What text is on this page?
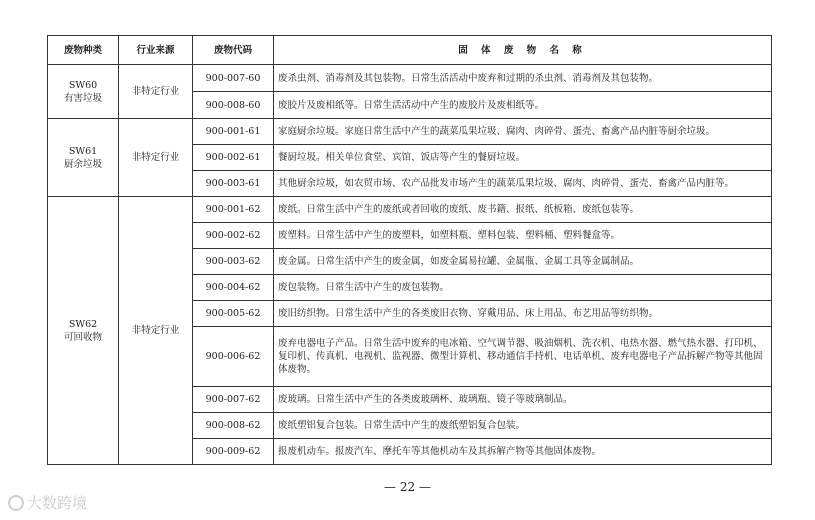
废物种类	行业来源	废物代码	固 体 废 物 名 称

SW60
有害垃圾	非特定行业	900-007-60	废杀虫剂、消毒剂及其包装物。日常生活活动中废弃和过期的杀虫剂、消毒剂及其包装物。
		900-008-60	废胶片及废相纸等。日常生活活动中产生的废胶片及废相纸等。

SW61
厨余垃圾	非特定行业	900-001-61	家庭厨余垃圾。家庭日常生活中产生的蔬菜瓜果垃圾、腐肉、肉碎骨、蛋壳、畜禽产品内脏等厨余垃圾。
		900-002-61	餐厨垃圾。相关单位食堂、宾馆、饭店等产生的餐厨垃圾。
		900-003-61	其他厨余垃圾，如农贸市场、农产品批发市场产生的蔬菜瓜果垃圾、腐肉、肉碎骨、蛋壳、畜禽产品内脏等。

SW62
可回收物	非特定行业	900-001-62	废纸。日常生活中产生的废纸或者回收的废纸、废书籍、报纸、纸板箱、废纸包装等。
		900-002-62	废塑料。日常生活中产生的废塑料，如塑料瓶、塑料包装、塑料桶、塑料餐盒等。
		900-003-62	废金属。日常生活中产生的废金属，如废金属易拉罐、金属瓶、金属工具等金属制品。
		900-004-62	废包装物。日常生活中产生的废包装物。
		900-005-62	废旧纺织物。日常生活中产生的各类废旧衣物、穿戴用品、床上用品、布艺用品等纺织物。
		900-006-62	废弃电器电子产品。日常生活中废弃的电冰箱、空气调节器、吸油烟机、洗衣机、电热水器、燃气热水器、打印机、复印机、传真机、电视机、监视器、微型计算机、移动通信手持机、电话单机、废弃电器电子产品拆解产物等其他固体废物。
		900-007-62	废玻璃。日常生活中产生的各类废玻璃杯、玻璃瓶、镜子等玻璃制品。
		900-008-62	废纸塑铝复合包装。日常生活中产生的废纸塑铝复合包装。
		900-009-62	报废机动车。报废汽车、摩托车等其他机动车及其拆解产物等其他固体废物。
— 22 —
大数跨境
